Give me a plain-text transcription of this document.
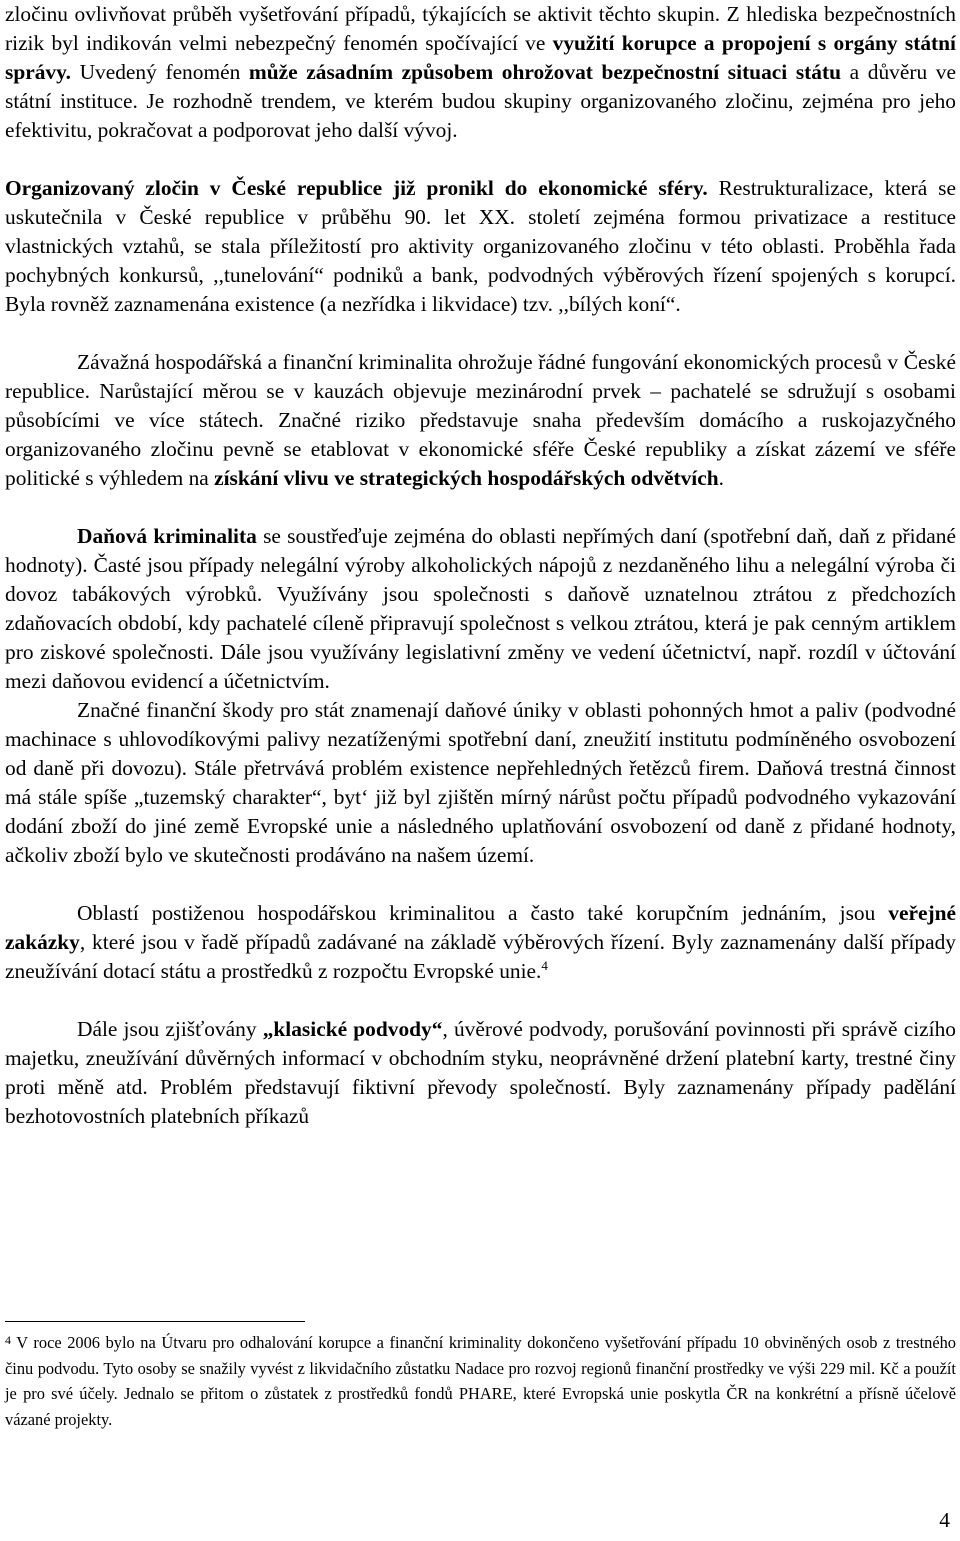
zločinu ovlivňovat průběh vyšetřování případů, týkajících se aktivit těchto skupin. Z hlediska bezpečnostních rizik byl indikován velmi nebezpečný fenomén spočívající ve využití korupce a propojení s orgány státní správy. Uvedený fenomén může zásadním způsobem ohrožovat bezpečnostní situaci státu a důvěru ve státní instituce. Je rozhodně trendem, ve kterém budou skupiny organizovaného zločinu, zejména pro jeho efektivitu, pokračovat a podporovat jeho další vývoj.

Organizovaný zločin v České republice již pronikl do ekonomické sféry. Restrukturalizace, která se uskutečnila v České republice v průběhu 90. let XX. století zejména formou privatizace a restituce vlastnických vztahů, se stala příležitostí pro aktivity organizovaného zločinu v této oblasti. Proběhla řada pochybných konkursů, ,,tunelování“ podniků a bank, podvodných výběrových řízení spojených s korupcí. Byla rovněž zaznamenána existence (a nezřídka i likvidace) tzv. ,,bílých koní“.

Závažná hospodářská a finanční kriminalita ohrožuje řádné fungování ekonomických procesů v České republice. Narůstající měrou se v kauzách objevuje mezinárodní prvek – pachatelé se sdružují s osobami působícími ve více státech. Značné riziko představuje snaha především domácího a ruskojazyčného organizovaného zločinu pevně se etablovat v ekonomické sféře České republiky a získat zázemí ve sféře politické s výhledem na získání vlivu ve strategických hospodářských odvětvích.

Daňová kriminalita se soustřeďuje zejména do oblasti nepřímých daní (spotřební daň, daň z přidané hodnoty). Časté jsou případy nelegální výroby alkoholických nápojů z nezdaněného lihu a nelegální výroba či dovoz tabákových výrobků. Využívány jsou společnosti s daňově uznatelnou ztrátou z předchozích zdaňovacích období, kdy pachatelé cíleně připravují společnost s velkou ztrátou, která je pak cenným artiklem pro ziskové společnosti. Dále jsou využívány legislativní změny ve vedení účetnictví, např. rozdíl v účtování mezi daňovou evidencí a účetnictvím.

Značné finanční škody pro stát znamenají daňové úniky v oblasti pohonných hmot a paliv (podvodné machinace s uhlovodíkovými palivy nezatíženými spotřební daní, zneužití institutu podmíněného osvobození od daně při dovozu). Stále přetrvává problém existence nepřehledných řetězců firem. Daňová trestná činnost má stále spíše „tuzemský charakter“, byt‘ již byl zjištěn mírný nárůst počtu případů podvodného vykazování dodání zboží do jiné země Evropské unie a následného uplatňování osvobození od daně z přidané hodnoty, ačkoliv zboží bylo ve skutečnosti prodáváno na našem území.

Oblastí postiženou hospodářskou kriminalitou a často také korupčním jednáním, jsou veřejné zakázky, které jsou v řadě případů zadávané na základě výběrových řízení. Byly zaznamenány další případy zneužívání dotací státu a prostředků z rozpočtu Evropské unie.$^4$

Dále jsou zjišťovány „klasické podvody“, úvěrové podvody, porušování povinnosti při správě cizího majetku, zneužívání důvěrných informací v obchodním styku, neoprávněné držení platební karty, trestné činy proti měně atd. Problém představují fiktivní převody společností. Byly zaznamenány případy padělání bezhotovostních platebních příkazů

$^4$ V roce 2006 bylo na Útvaru pro odhalování korupce a finanční kriminality dokončeno vyšetřování případu 10 obviněných osob z trestného činu podvodu. Tyto osoby se snažily vyvést z likvidačního zůstatku Nadace pro rozvoj regionů finanční prostředky ve výši 229 mil. Kč a použít je pro své účely. Jednalo se přitom o zůstatek z prostředků fondů PHARE, které Evropská unie poskytla ČR na konkrétní a přísně účelově vázané projekty.
4
